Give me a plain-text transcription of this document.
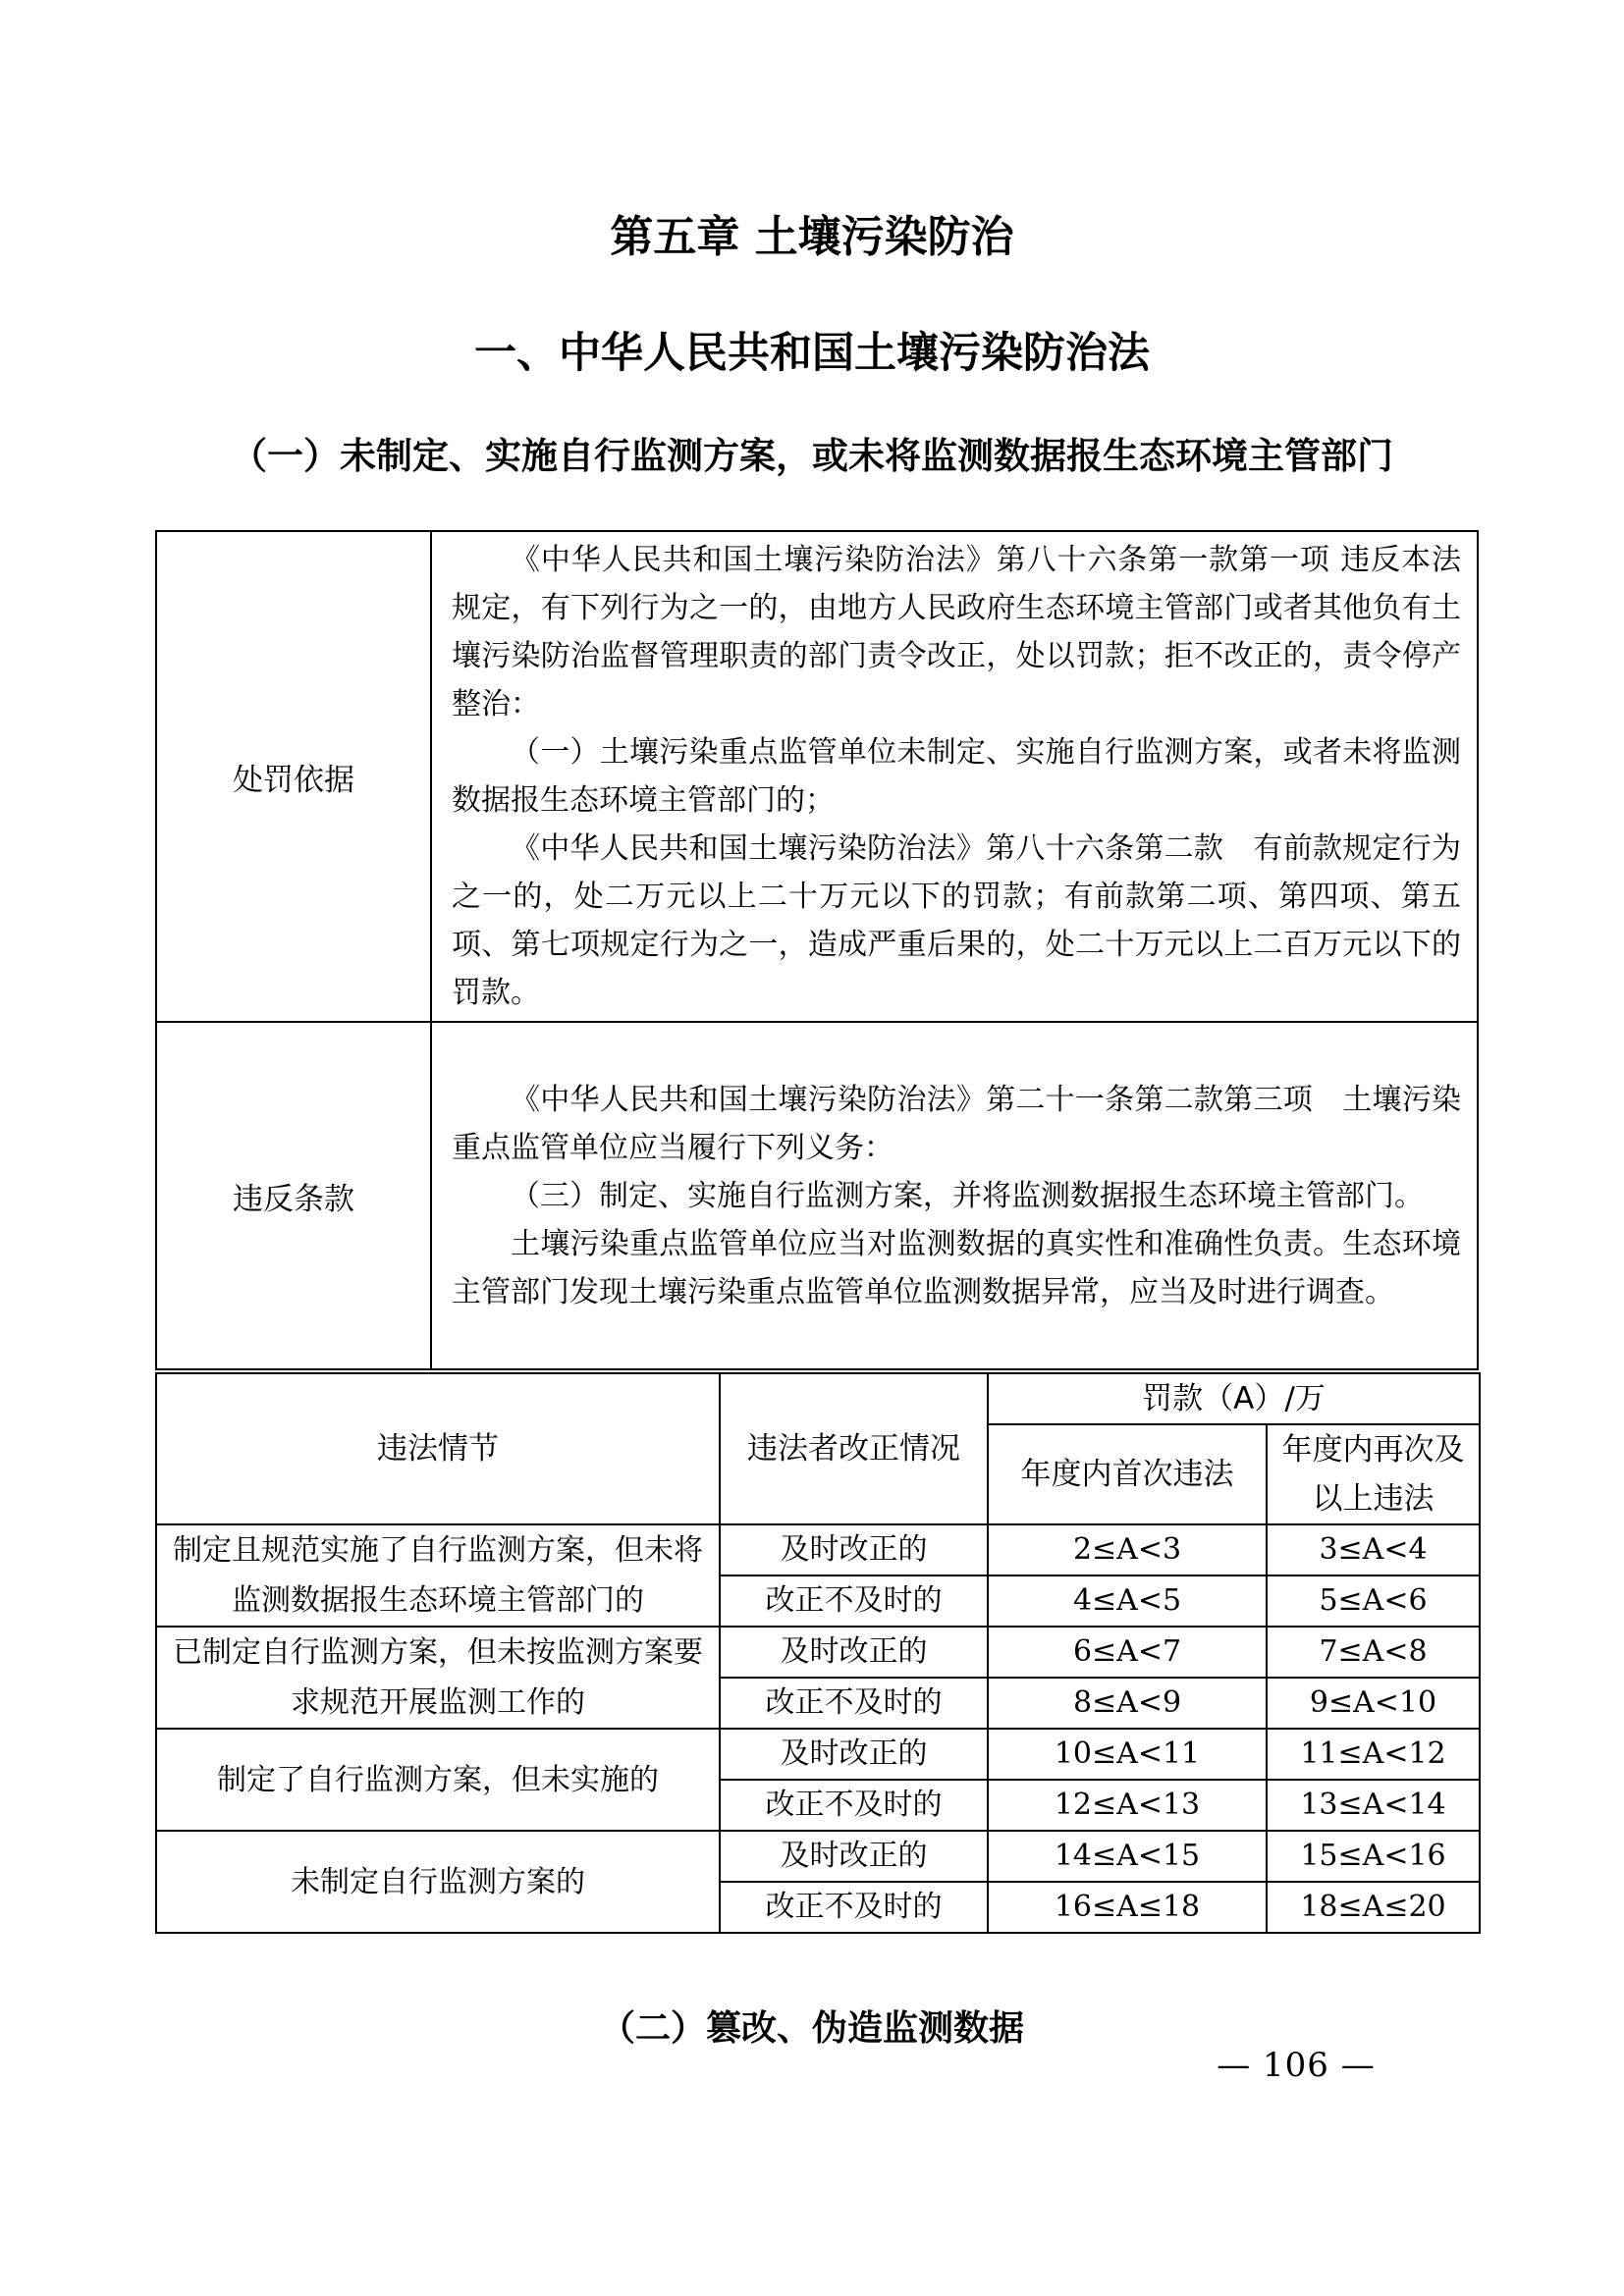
第五章 土壤污染防治
一、中华人民共和国土壤污染防治法
（一）未制定、实施自行监测方案，或未将监测数据报生态环境主管部门
处罚依据	《中华人民共和国土壤污染防治法》第八十六条第一款第一项 违反本法规定，有下列行为之一的，由地方人民政府生态环境主管部门或者其他负有土壤污染防治监督管理职责的部门责令改正，处以罚款；拒不改正的，责令停产整治：

（一）土壤污染重点监管单位未制定、实施自行监测方案，或者未将监测数据报生态环境主管部门的；

《中华人民共和国土壤污染防治法》第八十六条第二款　有前款规定行为之一的，处二万元以上二十万元以下的罚款；有前款第二项、第四项、第五项、第七项规定行为之一，造成严重后果的，处二十万元以上二百万元以下的罚款。

违反条款	《中华人民共和国土壤污染防治法》第二十一条第二款第三项　土壤污染重点监管单位应当履行下列义务：

（三）制定、实施自行监测方案，并将监测数据报生态环境主管部门。

土壤污染重点监管单位应当对监测数据的真实性和准确性负责。生态环境主管部门发现土壤污染重点监管单位监测数据异常，应当及时进行调查。

违法情节	违法者改正情况	罚款（A）/万	
		年度内首次违法	年度内再次及以上违法
制定且规范实施了自行监测方案，但未将监测数据报生态环境主管部门的	及时改正的	2≤A<3	3≤A<4
	改正不及时的	4≤A<5	5≤A<6
已制定自行监测方案，但未按监测方案要求规范开展监测工作的	及时改正的	6≤A<7	7≤A<8
	改正不及时的	8≤A<9	9≤A<10
制定了自行监测方案，但未实施的	及时改正的	10≤A<11	11≤A<12
	改正不及时的	12≤A<13	13≤A<14
未制定自行监测方案的	及时改正的	14≤A<15	15≤A<16
	改正不及时的	16≤A≤18	18≤A≤20
（二）篡改、伪造监测数据
— 106 —
